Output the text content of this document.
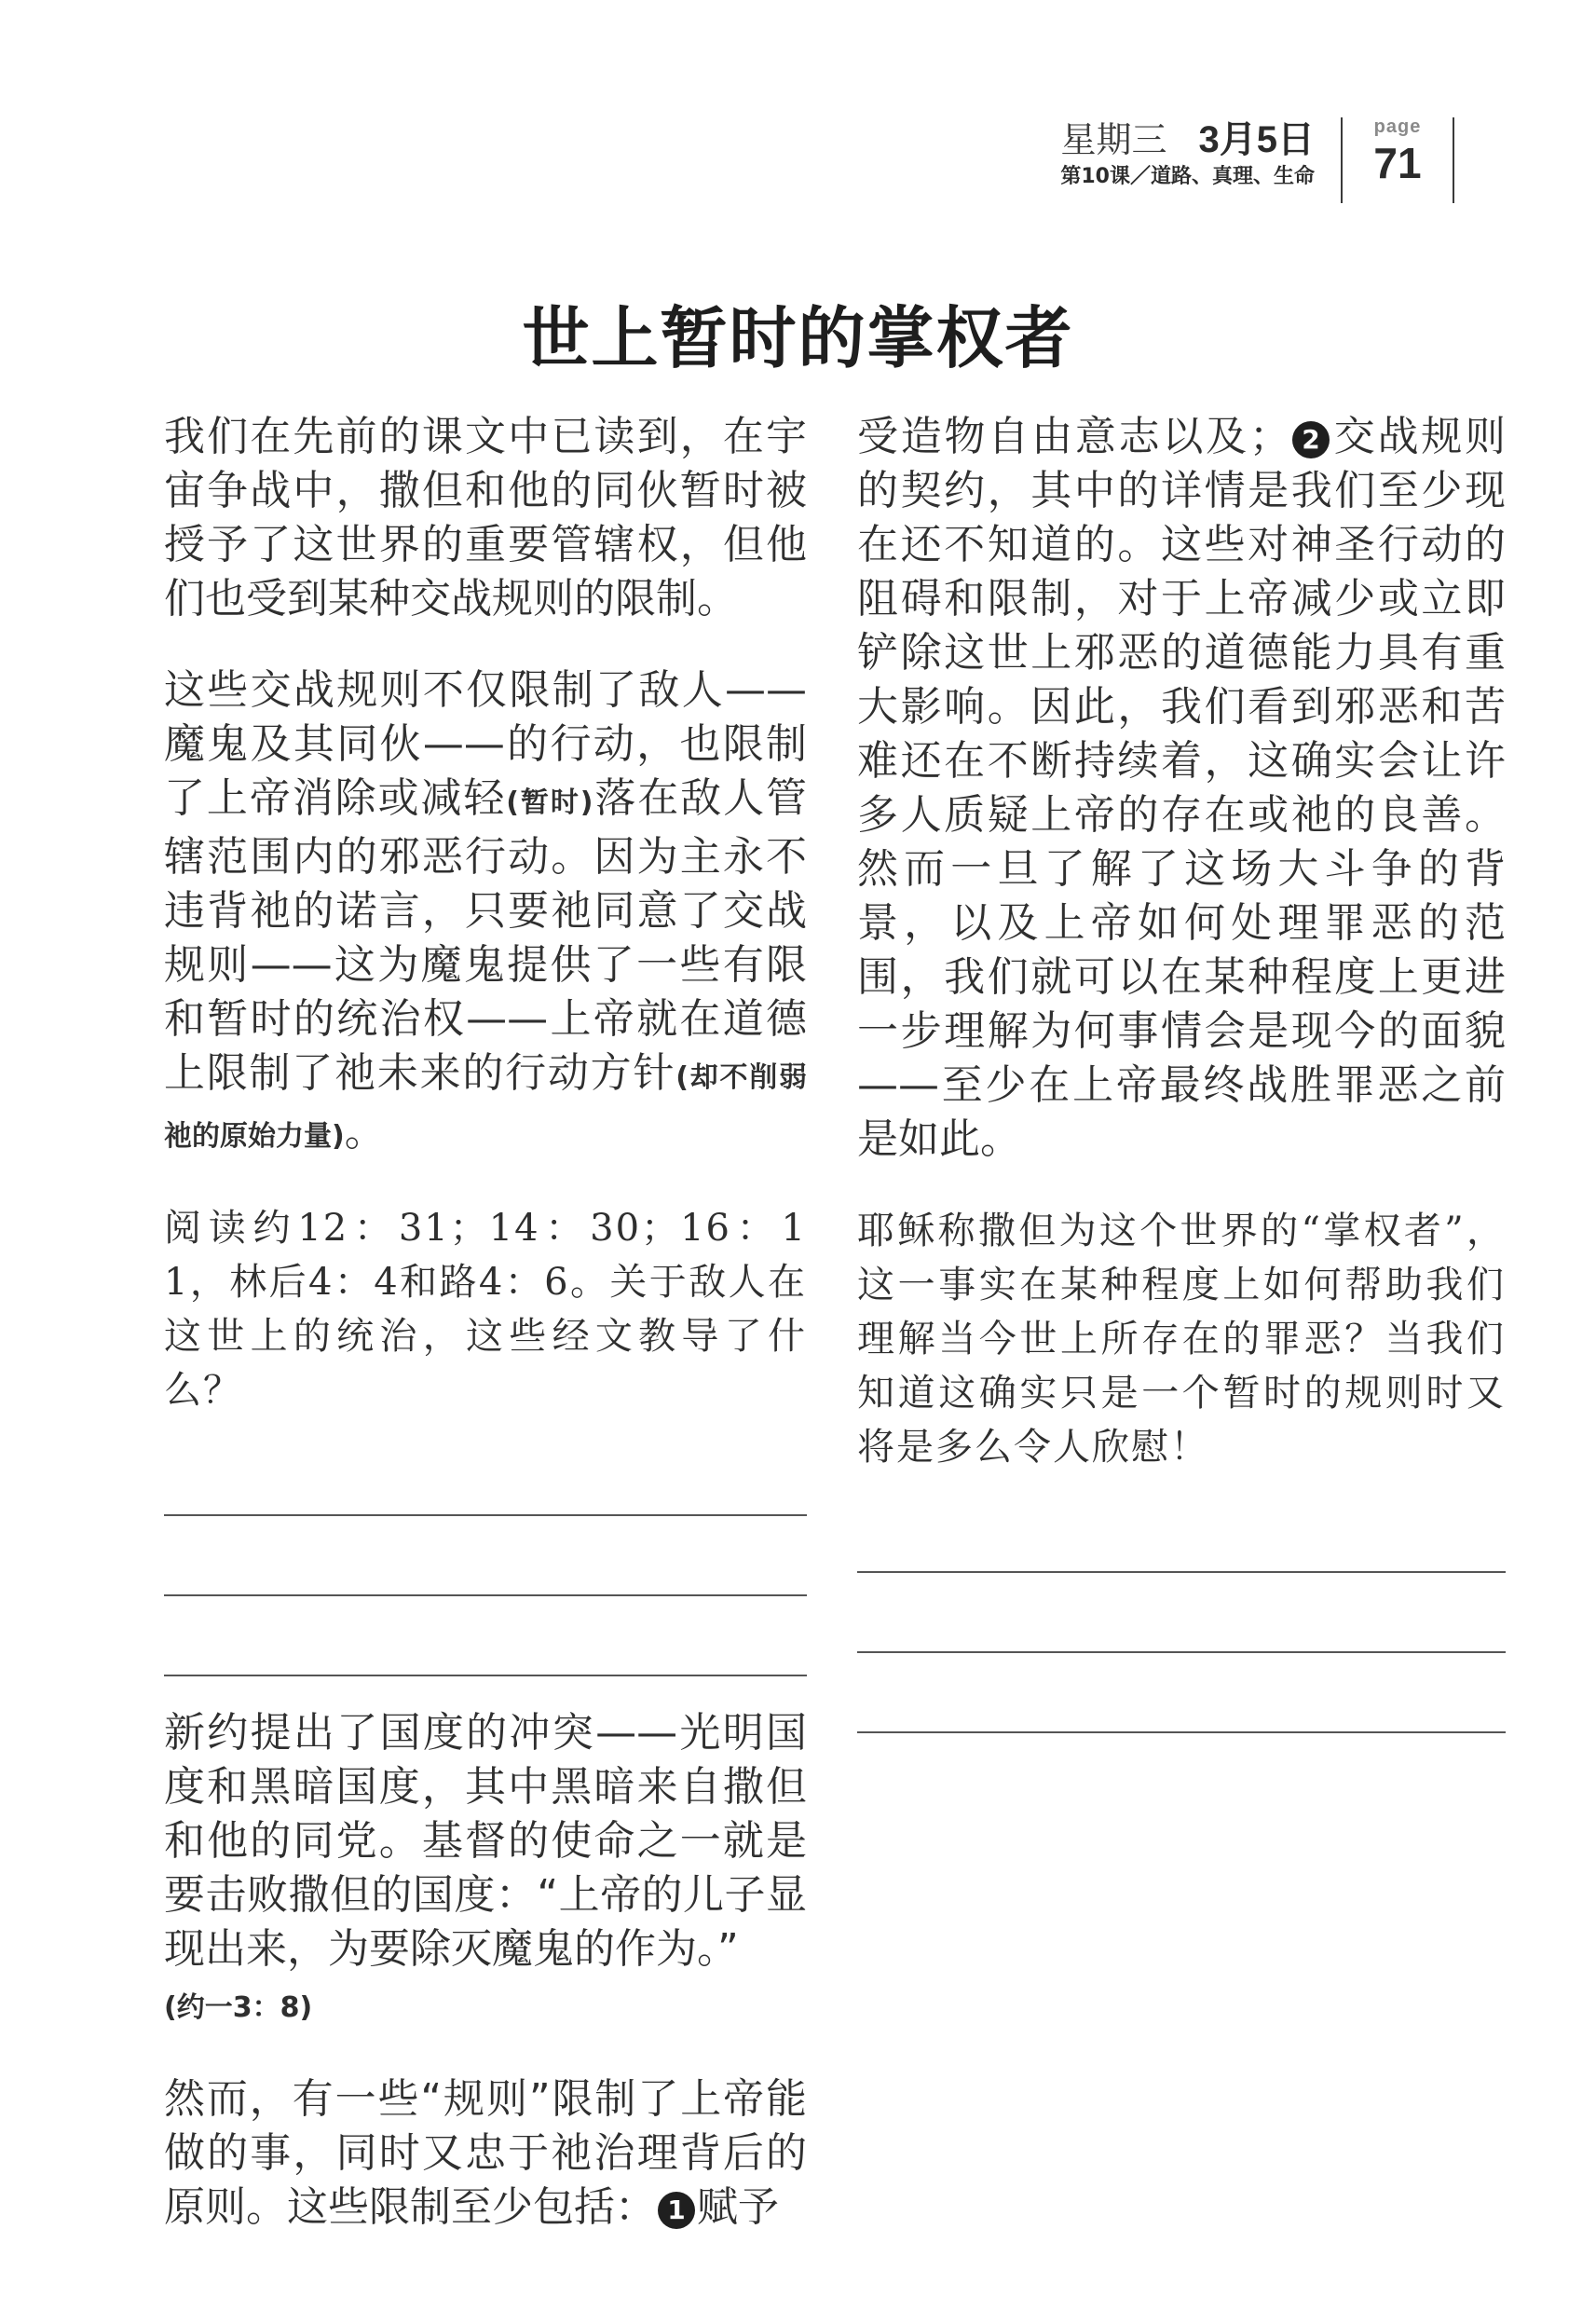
星期三 3月5日
第10课／道路、真理、生命
page
71
世上暂时的掌权者

我们在先前的课文中已读到，在宇宙争战中，撒但和他的同伙暂时被授予了这世界的重要管辖权，但他们也受到某种交战规则的限制。

这些交战规则不仅限制了敌人——魔鬼及其同伙——的行动，也限制了上帝消除或减轻(暂时)落在敌人管辖范围内的邪恶行动。因为主永不违背祂的诺言，只要祂同意了交战规则——这为魔鬼提供了一些有限和暂时的统治权——上帝就在道德上限制了祂未来的行动方针(却不削弱祂的原始力量)。

阅读约12：31；14：30；16：11，林后4：4和路4：6。关于敌人在这世上的统治，这些经文教导了什么？

新约提出了国度的冲突——光明国度和黑暗国度，其中黑暗来自撒但和他的同党。基督的使命之一就是要击败撒但的国度：“上帝的儿子显现出来，为要除灭魔鬼的作为。”
(约一3：8)

然而，有一些“规则”限制了上帝能做的事，同时又忠于祂治理背后的原则。这些限制至少包括： 1 赋予

受造物自由意志以及； 2 交战规则的契约，其中的详情是我们至少现在还不知道的。这些对神圣行动的阻碍和限制，对于上帝减少或立即铲除这世上邪恶的道德能力具有重大影响。因此，我们看到邪恶和苦难还在不断持续着，这确实会让许多人质疑上帝的存在或祂的良善。然而一旦了解了这场大斗争的背景，以及上帝如何处理罪恶的范围，我们就可以在某种程度上更进一步理解为何事情会是现今的面貌——至少在上帝最终战胜罪恶之前是如此。

耶稣称撒但为这个世界的“掌权者”，这一事实在某种程度上如何帮助我们理解当今世上所存在的罪恶？当我们知道这确实只是一个暂时的规则时又将是多么令人欣慰！
